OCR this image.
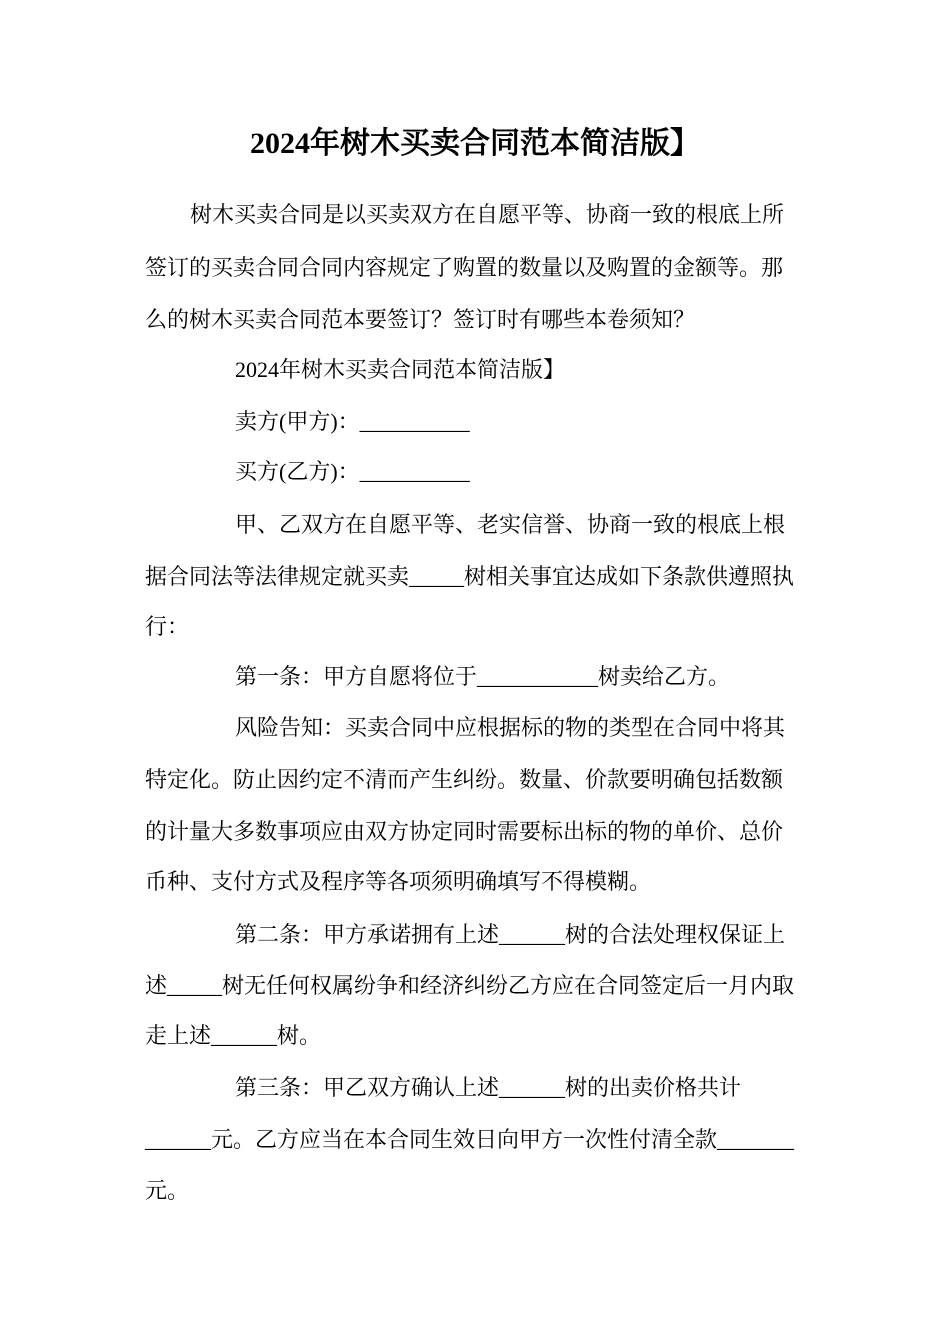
2024年树木买卖合同范本简洁版】
树木买卖合同是以买卖双方在自愿平等、协商一致的根底上所
签订的买卖合同合同内容规定了购置的数量以及购置的金额等。那
么的树木买卖合同范本要签订？签订时有哪些本卷须知？
2024年树木买卖合同范本简洁版】
卖方(甲方)：__________
买方(乙方)：__________
甲、乙双方在自愿平等、老实信誉、协商一致的根底上根
据合同法等法律规定就买卖_____树相关事宜达成如下条款供遵照执
行：
第一条：甲方自愿将位于___________树卖给乙方。
风险告知：买卖合同中应根据标的物的类型在合同中将其
特定化。防止因约定不清而产生纠纷。数量、价款要明确包括数额
的计量大多数事项应由双方协定同时需要标出标的物的单价、总价
币种、支付方式及程序等各项须明确填写不得模糊。
第二条：甲方承诺拥有上述______树的合法处理权保证上
述_____树无任何权属纷争和经济纠纷乙方应在合同签定后一月内取
走上述______树。
第三条：甲乙双方确认上述______树的出卖价格共计
______元。乙方应当在本合同生效日向甲方一次性付清全款_______
元。
